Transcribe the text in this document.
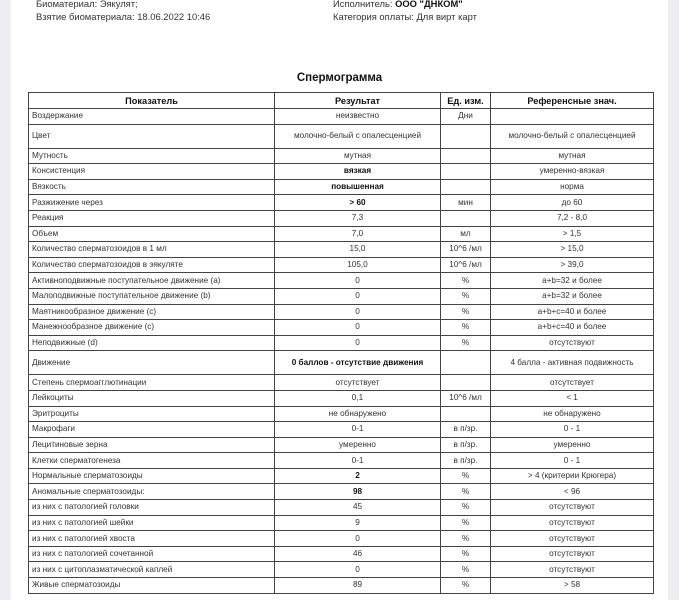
Биоматериал: Эякулят;
Взятие биоматериала: 18.06.2022 10:46
Исполнитель: ООО "ДНКОМ"
Категория оплаты: Для вирт карт
Спермограмма
Показатель	Результат	Ед. изм.	Референсные знач.
Воздержание	неизвестно	Дни	
Цвет	молочно-белый с опалесценцией		молочно-белый с опалесценцией
Мутность	мутная		мутная
Консистенция	вязкая		умеренно-вязкая
Вязкость	повышенная		норма
Разжижение через	> 60	мин	до 60
Реакция	7,3		7,2 - 8,0
Объем	7,0	мл	> 1,5
Количество сперматозоидов в 1 мл	15,0	10^6 /мл	> 15,0
Количество сперматозоидов в эякуляте	105,0	10^6 /мл	> 39,0
Активноподвижные поступательное движение (a)	0	%	a+b=32 и более
Малоподвижные поступательное движение (b)	0	%	a+b=32 и более
Маятникообразное движение (c)	0	%	a+b+c=40 и более
Манежнообразное движение (c)	0	%	a+b+c=40 и более
Неподвижные (d)	0	%	отсутствуют
Движение	0 баллов - отсутствие движения		4 балла - активная подвижность
Степень спермоагглютинации	отсутствует		отсутствует
Лейкоциты	0,1	10^6 /мл	< 1
Эритроциты	не обнаружено		не обнаружено
Макрофаги	0-1	в п/зр.	0 - 1
Лецитиновые зерна	умеренно	в п/зр.	умеренно
Клетки сперматогенеза	0-1	в п/зр.	0 - 1
Нормальные сперматозоиды	2	%	> 4 (критерии Крюгера)
Аномальные сперматозоиды:	98	%	< 96
из них с патологией головки	45	%	отсутствуют
из них с патологией шейки	9	%	отсутствуют
из них с патологией хвоста	0	%	отсутствуют
из них с патологией сочетанной	46	%	отсутствуют
из них с цитоплазматической каплей	0	%	отсутствуют
Живые сперматозоиды	89	%	> 58
